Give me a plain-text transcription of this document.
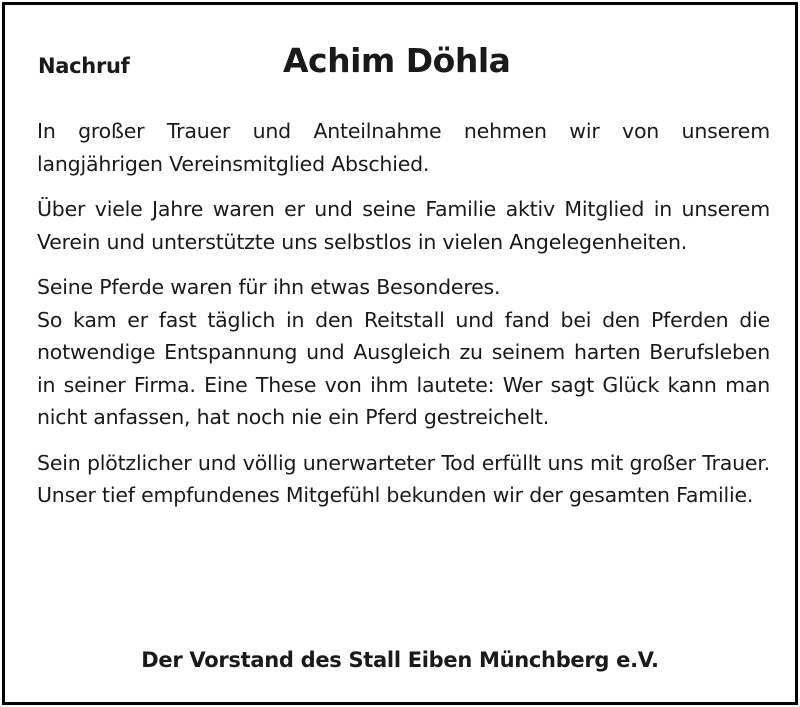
Nachruf	Achim Döhla

In großer Trauer und Anteilnahme nehmen wir von unserem langjährigen Vereinsmitglied Abschied.

Über viele Jahre waren er und seine Familie aktiv Mitglied in unserem Verein und unterstützte uns selbstlos in vielen Angelegenheiten.

Seine Pferde waren für ihn etwas Besonderes.
So kam er fast täglich in den Reitstall und fand bei den Pferden die notwendige Entspannung und Ausgleich zu seinem harten Berufsleben in seiner Firma. Eine These von ihm lautete: Wer sagt Glück kann man nicht anfassen, hat noch nie ein Pferd gestreichelt.

Sein plötzlicher und völlig unerwarteter Tod erfüllt uns mit großer Trauer. Unser tief empfundenes Mitgefühl bekunden wir der gesamten Familie.

Der Vorstand des Stall Eiben Münchberg e.V.
